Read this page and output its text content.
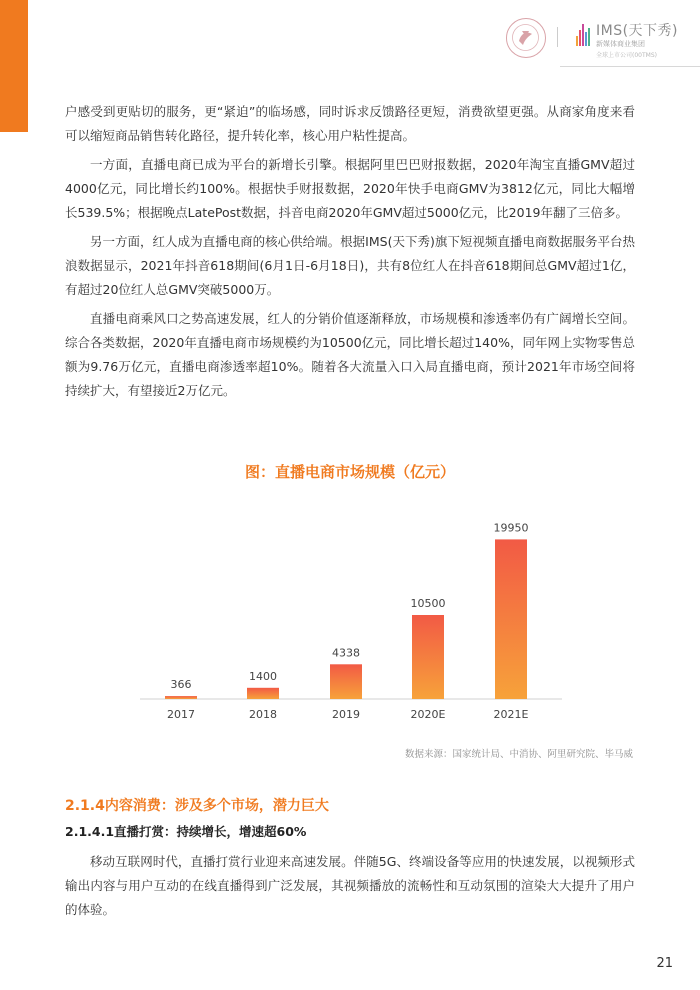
IMS(天下秀)
新媒体商业集团
全球上市公司(00TMS)

户感受到更贴切的服务，更“紧迫”的临场感，同时诉求反馈路径更短，消费欲望更强。从商家角度来看可以缩短商品销售转化路径，提升转化率，核心用户粘性提高。

一方面，直播电商已成为平台的新增长引擎。根据阿里巴巴财报数据，2020年淘宝直播GMV超过4000亿元，同比增长约100%。根据快手财报数据，2020年快手电商GMV为3812亿元，同比大幅增长539.5%；根据晚点LatePost数据，抖音电商2020年GMV超过5000亿元，比2019年翻了三倍多。

另一方面，红人成为直播电商的核心供给端。根据IMS(天下秀)旗下短视频直播电商数据服务平台热浪数据显示，2021年抖音618期间(6月1日-6月18日)，共有8位红人在抖音618期间总GMV超过1亿，有超过20位红人总GMV突破5000万。

直播电商乘风口之势高速发展，红人的分销价值逐渐释放，市场规模和渗透率仍有广阔增长空间。综合各类数据，2020年直播电商市场规模约为10500亿元，同比增长超过140%，同年网上实物零售总额为9.76万亿元，直播电商渗透率超10%。随着各大流量入口入局直播电商，预计2021年市场空间将持续扩大，有望接近2万亿元。

图：直播电商市场规模（亿元）
366
2017
1400
2018
4338
2019
10500
2020E
19950
2021E
数据来源：国家统计局、中消协、阿里研究院、毕马威
2.1.4内容消费：涉及多个市场，潜力巨大
2.1.4.1直播打赏：持续增长，增速超60%

移动互联网时代，直播打赏行业迎来高速发展。伴随5G、终端设备等应用的快速发展，以视频形式输出内容与用户互动的在线直播得到广泛发展，其视频播放的流畅性和互动氛围的渲染大大提升了用户的体验。

21
